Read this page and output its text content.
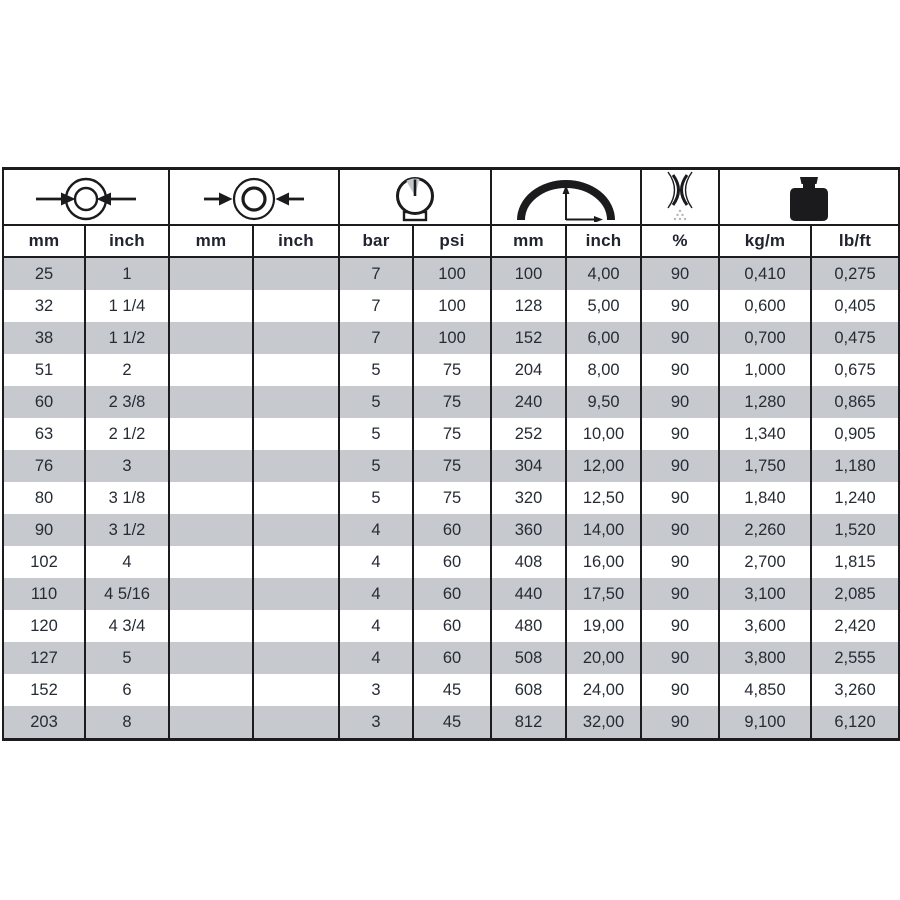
mm	inch	mm	inch	bar	psi	mm	inch	%	kg/m	lb/ft
25	1			7	100	100	4,00	90	0,410	0,275
32	1 1/4			7	100	128	5,00	90	0,600	0,405
38	1 1/2			7	100	152	6,00	90	0,700	0,475
51	2			5	75	204	8,00	90	1,000	0,675
60	2 3/8			5	75	240	9,50	90	1,280	0,865
63	2 1/2			5	75	252	10,00	90	1,340	0,905
76	3			5	75	304	12,00	90	1,750	1,180
80	3 1/8			5	75	320	12,50	90	1,840	1,240
90	3 1/2			4	60	360	14,00	90	2,260	1,520
102	4			4	60	408	16,00	90	2,700	1,815
110	4 5/16			4	60	440	17,50	90	3,100	2,085
120	4 3/4			4	60	480	19,00	90	3,600	2,420
127	5			4	60	508	20,00	90	3,800	2,555
152	6			3	45	608	24,00	90	4,850	3,260
203	8			3	45	812	32,00	90	9,100	6,120
